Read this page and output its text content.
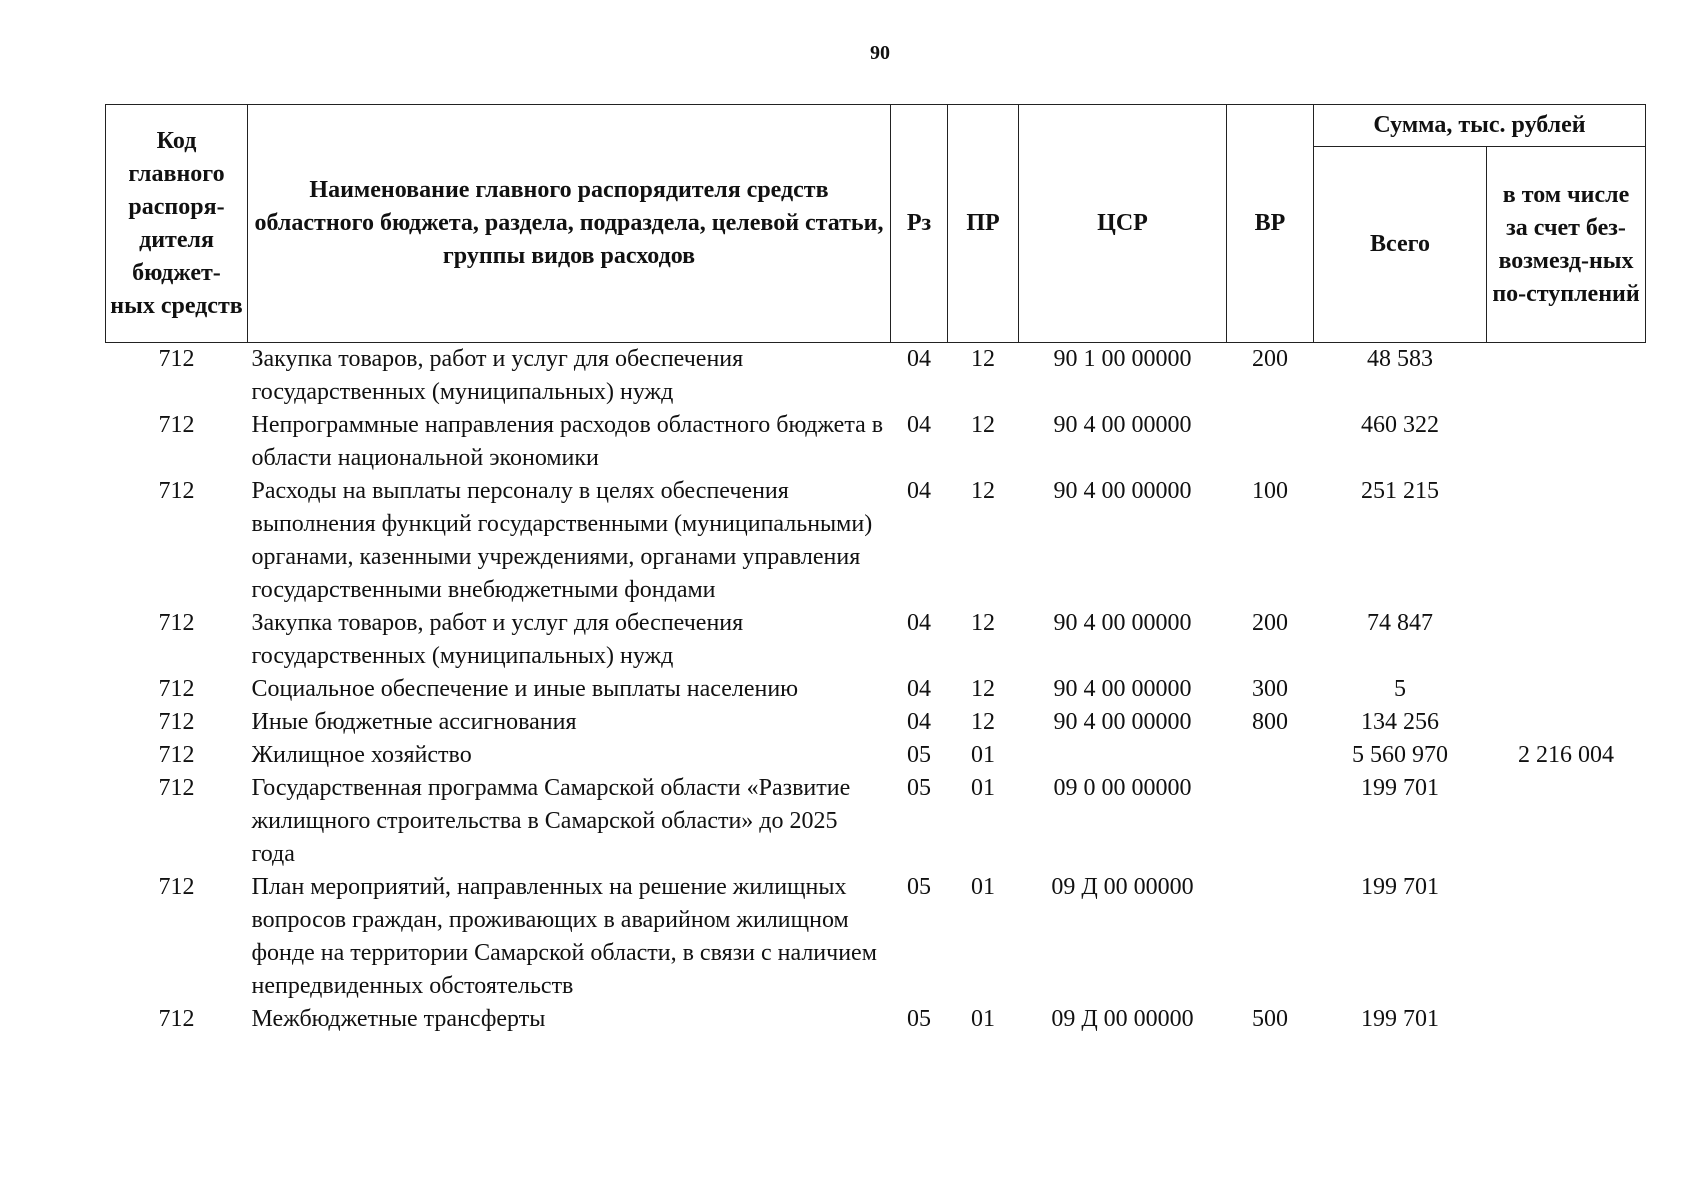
90
Код главного распоря-дителя бюджет-ных средств	Наименование главного распорядителя средств областного бюджета, раздела, подраздела, целевой статьи, группы видов расходов	Рз	ПР	ЦСР	ВР	Сумма, тыс. рублей	
						Всего	в том числе за счет без-возмезд-ных по-ступлений
712	Закупка товаров, работ и услуг для обеспечения государственных (муниципальных) нужд	04	12	90 1 00 00000	200	48 583	
712	Непрограммные направления расходов областного бюджета в области национальной экономики	04	12	90 4 00 00000		460 322	
712	Расходы на выплаты персоналу в целях обеспечения выполнения функций государственными (муниципальными) органами, казенными учреждениями, органами управления государственными внебюджетными фондами	04	12	90 4 00 00000	100	251 215	
712	Закупка товаров, работ и услуг для обеспечения государственных (муниципальных) нужд	04	12	90 4 00 00000	200	74 847	
712	Социальное обеспечение и иные выплаты населению	04	12	90 4 00 00000	300	5	
712	Иные бюджетные ассигнования	04	12	90 4 00 00000	800	134 256	
712	Жилищное хозяйство	05	01			5 560 970	2 216 004
712	Государственная программа Самарской области «Развитие жилищного строительства в Самарской области» до 2025 года	05	01	09 0 00 00000		199 701	
712	План мероприятий, направленных на решение жилищных вопросов граждан, проживающих в аварийном жилищном фонде на территории Самарской области, в связи с наличием непредвиденных обстоятельств	05	01	09 Д 00 00000		199 701	
712	Межбюджетные трансферты	05	01	09 Д 00 00000	500	199 701	
